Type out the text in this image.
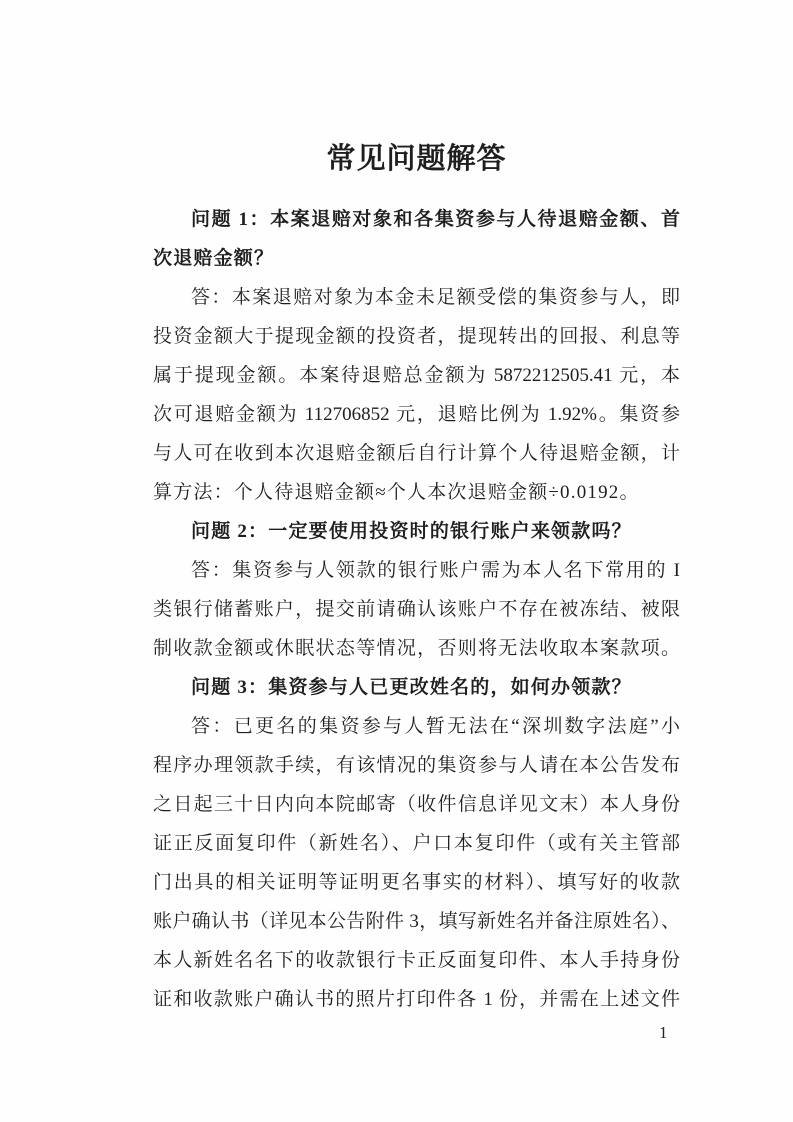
常见问题解答
问题 1：本案退赔对象和各集资参与人待退赔金额、首
次退赔金额？
答：本案退赔对象为本金未足额受偿的集资参与人，即
投资金额大于提现金额的投资者，提现转出的回报、利息等
属于提现金额。本案待退赔总金额为 5872212505.41 元，本
次可退赔金额为 112706852 元，退赔比例为 1.92%。集资参
与人可在收到本次退赔金额后自行计算个人待退赔金额，计
算方法：个人待退赔金额≈个人本次退赔金额÷0.0192。
问题 2：一定要使用投资时的银行账户来领款吗？
答：集资参与人领款的银行账户需为本人名下常用的 I
类银行储蓄账户，提交前请确认该账户不存在被冻结、被限
制收款金额或休眠状态等情况，否则将无法收取本案款项。
问题 3：集资参与人已更改姓名的，如何办领款？
答：已更名的集资参与人暂无法在“深圳数字法庭”小
程序办理领款手续，有该情况的集资参与人请在本公告发布
之日起三十日内向本院邮寄（收件信息详见文末）本人身份
证正反面复印件（新姓名）、户口本复印件（或有关主管部
门出具的相关证明等证明更名事实的材料）、填写好的收款
账户确认书（详见本公告附件 3，填写新姓名并备注原姓名）、
本人新姓名名下的收款银行卡正反面复印件、本人手持身份
证和收款账户确认书的照片打印件各 1 份，并需在上述文件
1
